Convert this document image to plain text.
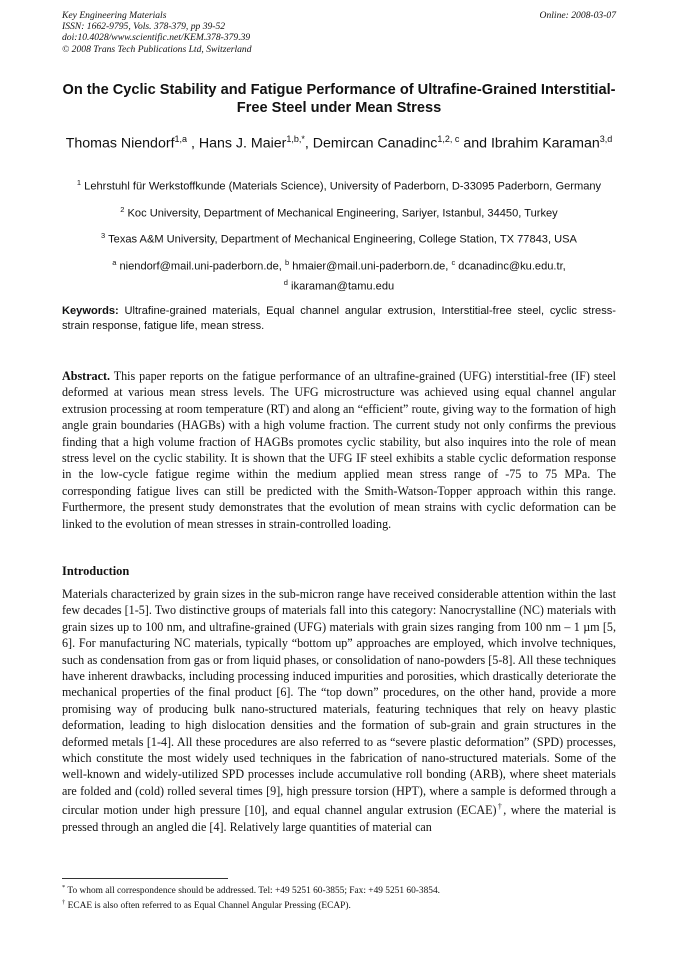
Key Engineering Materials
ISSN: 1662-9795, Vols. 378-379, pp 39-52
doi:10.4028/www.scientific.net/KEM.378-379.39
© 2008 Trans Tech Publications Ltd, Switzerland
Online: 2008-03-07
On the Cyclic Stability and Fatigue Performance of Ultrafine-Grained Interstitial-Free Steel under Mean Stress
Thomas Niendorf$^{1,a}$ , Hans J. Maier$^{1,b,*}$, Demircan Canadinc$^{1,2, c}$ and Ibrahim Karaman$^{3,d}$

$^1$ Lehrstuhl für Werkstoffkunde (Materials Science), University of Paderborn, D-33095 Paderborn, Germany

$^2$ Koc University, Department of Mechanical Engineering, Sariyer, Istanbul, 34450, Turkey

$^3$ Texas A&M University, Department of Mechanical Engineering, College Station, TX 77843, USA

$^a$ niendorf@mail.uni-paderborn.de, $^b$ hmaier@mail.uni-paderborn.de, $^c$ dcanadinc@ku.edu.tr,
$^d$ ikaraman@tamu.edu

Keywords: Ultrafine-grained materials, Equal channel angular extrusion, Interstitial-free steel, cyclic stress-strain response, fatigue life, mean stress.
Abstract. This paper reports on the fatigue performance of an ultrafine-grained (UFG) interstitial-free (IF) steel deformed at various mean stress levels. The UFG microstructure was achieved using equal channel angular extrusion processing at room temperature (RT) and along an “efficient” route, giving way to the formation of high angle grain boundaries (HAGBs) with a high volume fraction. The current study not only confirms the previous finding that a high volume fraction of HAGBs promotes cyclic stability, but also inquires into the role of mean stress level on the cyclic stability. It is shown that the UFG IF steel exhibits a stable cyclic deformation response in the low-cycle fatigue regime within the medium applied mean stress range of -75 to 75 MPa. The corresponding fatigue lives can still be predicted with the Smith-Watson-Topper approach within this range. Furthermore, the present study demonstrates that the evolution of mean strains with cyclic deformation can be linked to the evolution of mean stresses in strain-controlled loading.
Introduction
Materials characterized by grain sizes in the sub-micron range have received considerable attention within the last few decades [1-5]. Two distinctive groups of materials fall into this category: Nanocrystalline (NC) materials with grain sizes up to 100 nm, and ultrafine-grained (UFG) materials with grain sizes ranging from 100 nm – 1 µm [5, 6]. For manufacturing NC materials, typically “bottom up” approaches are employed, which involve techniques, such as condensation from gas or from liquid phases, or consolidation of nano-powders [5-8]. All these techniques have inherent drawbacks, including processing induced impurities and porosities, which drastically deteriorate the mechanical properties of the final product [6]. The “top down” procedures, on the other hand, provide a more promising way of producing bulk nano-structured materials, featuring techniques that rely on heavy plastic deformation, leading to high dislocation densities and the formation of sub-grain and grain structures in the deformed metals [1-4]. All these procedures are also referred to as “severe plastic deformation” (SPD) processes, which constitute the most widely used techniques in the fabrication of nano-structured materials. Some of the well-known and widely-utilized SPD processes include accumulative roll bonding (ARB), where sheet materials are folded and (cold) rolled several times [9], high pressure torsion (HPT), where a sample is deformed through a circular motion under high pressure [10], and equal channel angular extrusion (ECAE)†, where the material is pressed through an angled die [4]. Relatively large quantities of material can
* To whom all correspondence should be addressed. Tel: +49 5251 60-3855; Fax: +49 5251 60-3854.
† ECAE is also often referred to as Equal Channel Angular Pressing (ECAP).
